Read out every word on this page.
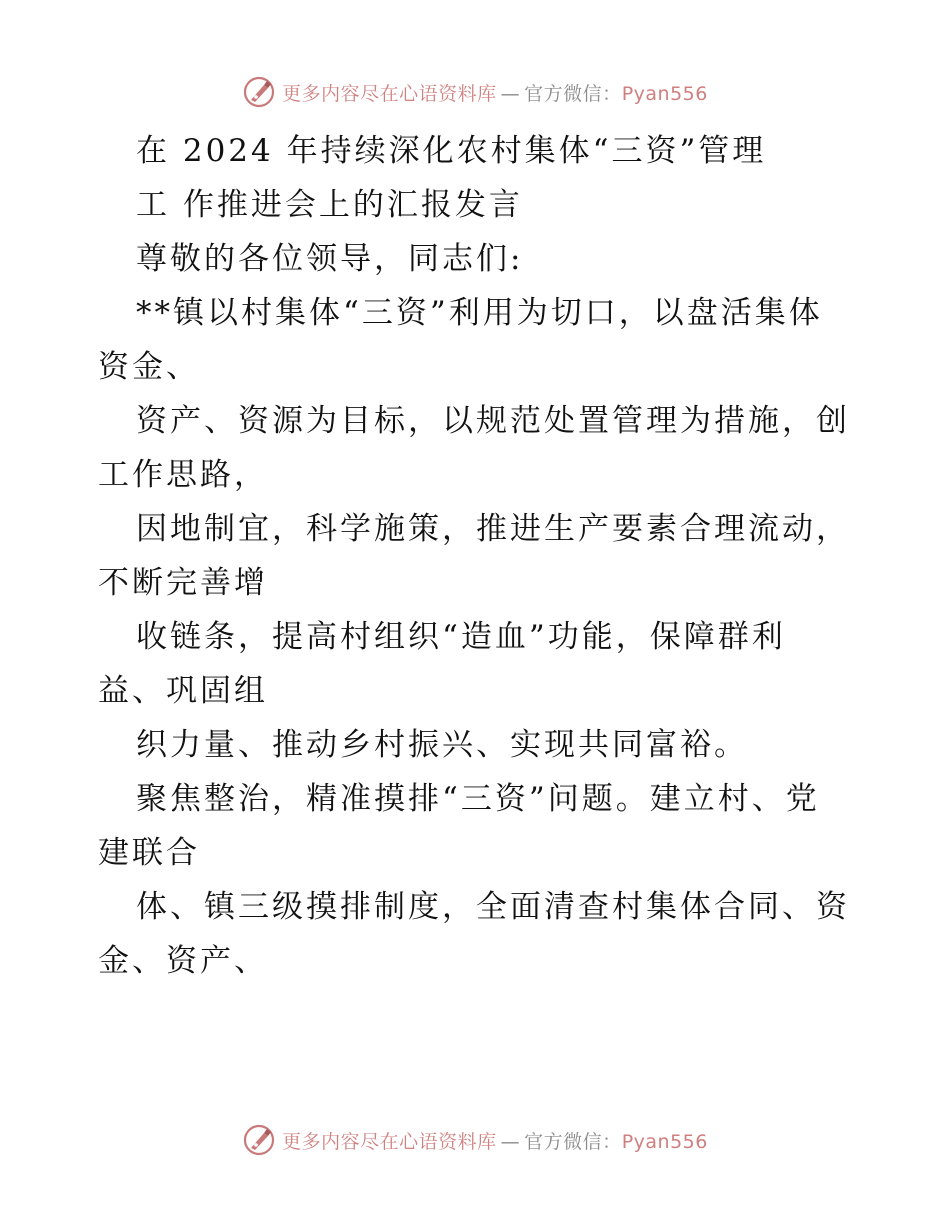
更多内容尽在心语资料库 — 官方微信：Pyan556
在 2024 年持续深化农村集体“三资”管理
工 作推进会上的汇报发言
尊敬的各位领导，同志们:
**镇以村集体“三资”利用为切口，以盘活集体
资金、
资产、资源为目标，以规范处置管理为措施，创
工作思路，
因地制宜，科学施策，推进生产要素合理流动，
不断完善增
收链条，提高村组织“造血”功能，保障群利
益、巩固组
织力量、推动乡村振兴、实现共同富裕。
聚焦整治，精准摸排“三资”问题。建立村、党
建联合
体、镇三级摸排制度，全面清查村集体合同、资
金、资产、
更多内容尽在心语资料库 — 官方微信：Pyan556
